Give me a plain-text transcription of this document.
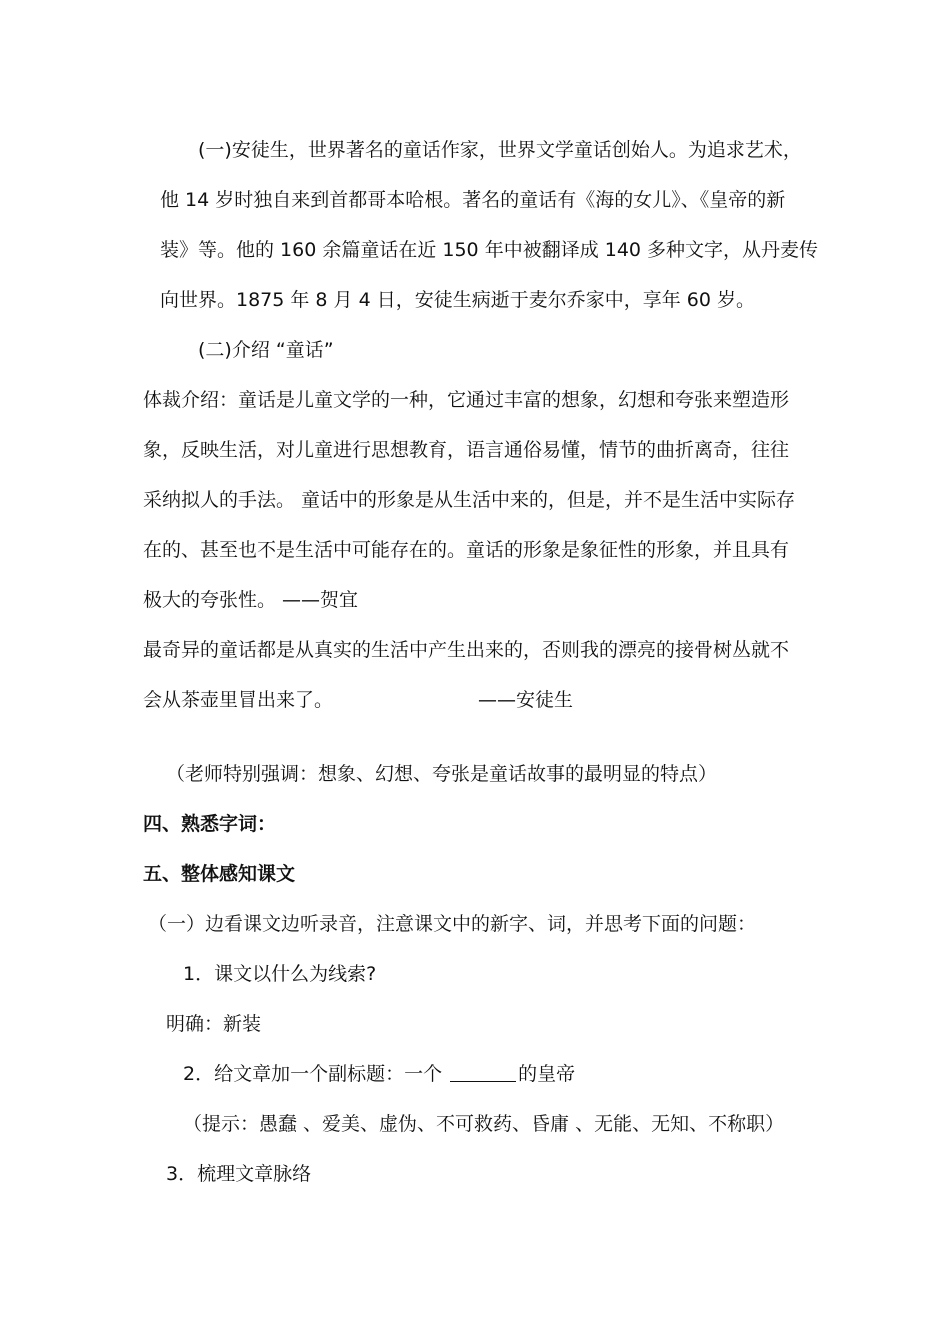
(一)安徒生，世界著名的童话作家，世界文学童话创始人。为追求艺术，
他 14 岁时独自来到首都哥本哈根。著名的童话有《海的女儿》、《皇帝的新
装》等。他的 160 余篇童话在近 150 年中被翻译成 140 多种文字，从丹麦传
向世界。1875 年 8 月 4 日，安徒生病逝于麦尔乔家中，享年 60 岁。
(二)介绍 “童话”
体裁介绍：童话是儿童文学的一种，它通过丰富的想象，幻想和夸张来塑造形
象，反映生活，对儿童进行思想教育，语言通俗易懂，情节的曲折离奇，往往
采纳拟人的手法。 童话中的形象是从生活中来的，但是，并不是生活中实际存
在的、甚至也不是生活中可能存在的。童话的形象是象征性的形象，并且具有
极大的夸张性。 ——贺宜
最奇异的童话都是从真实的生活中产生出来的，否则我的漂亮的接骨树丛就不
会从茶壶里冒出来了。	——安徒生
（老师特别强调：想象、幻想、夸张是童话故事的最明显的特点）
四、熟悉字词：
五、整体感知课文
（一）边看课文边听录音，注意课文中的新字、词，并思考下面的问题：
1．课文以什么为线索?
明确：新装
2．给文章加一个副标题：一个	的皇帝
（提示：愚蠢 、爱美、虚伪、不可救药、昏庸 、无能、无知、不称职）
3．梳理文章脉络
